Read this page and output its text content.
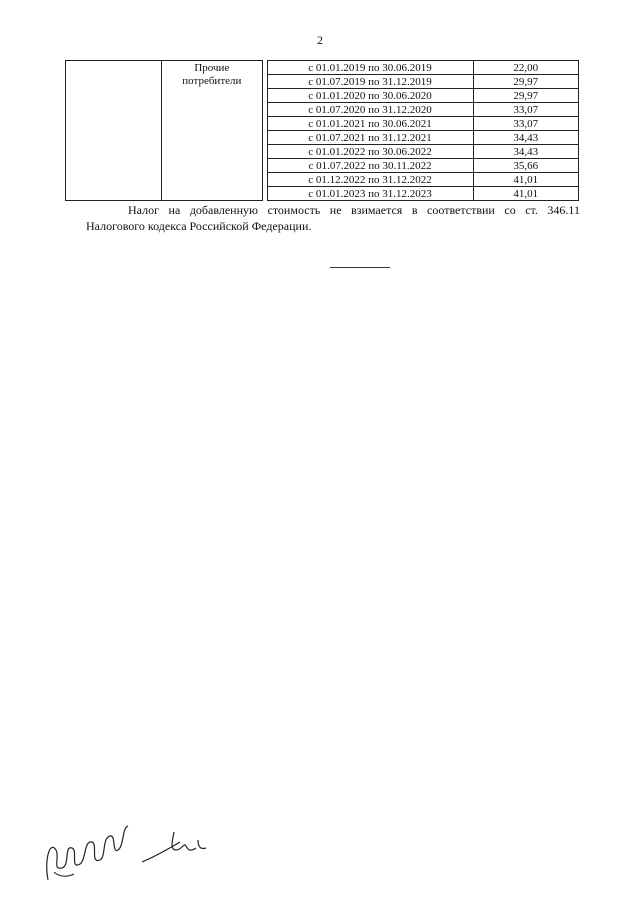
2

	Прочие
потребители		с 01.01.2019 по 30.06.2019	22,00
			с 01.07.2019 по 31.12.2019	29,97
			с 01.01.2020 по 30.06.2020	29,97
			с 01.07.2020 по 31.12.2020	33,07
			с 01.01.2021 по 30.06.2021	33,07
			с 01.07.2021 по 31.12.2021	34,43
			с 01.01.2022 по 30.06.2022	34,43
			с 01.07.2022 по 30.11.2022	35,66
			с 01.12.2022 по 31.12.2022	41,01
			с 01.01.2023 по 31.12.2023	41,01
Налог на добавленную стоимость не взимается в соответствии со ст. 346.11
Налогового кодекса Российской Федерации.
